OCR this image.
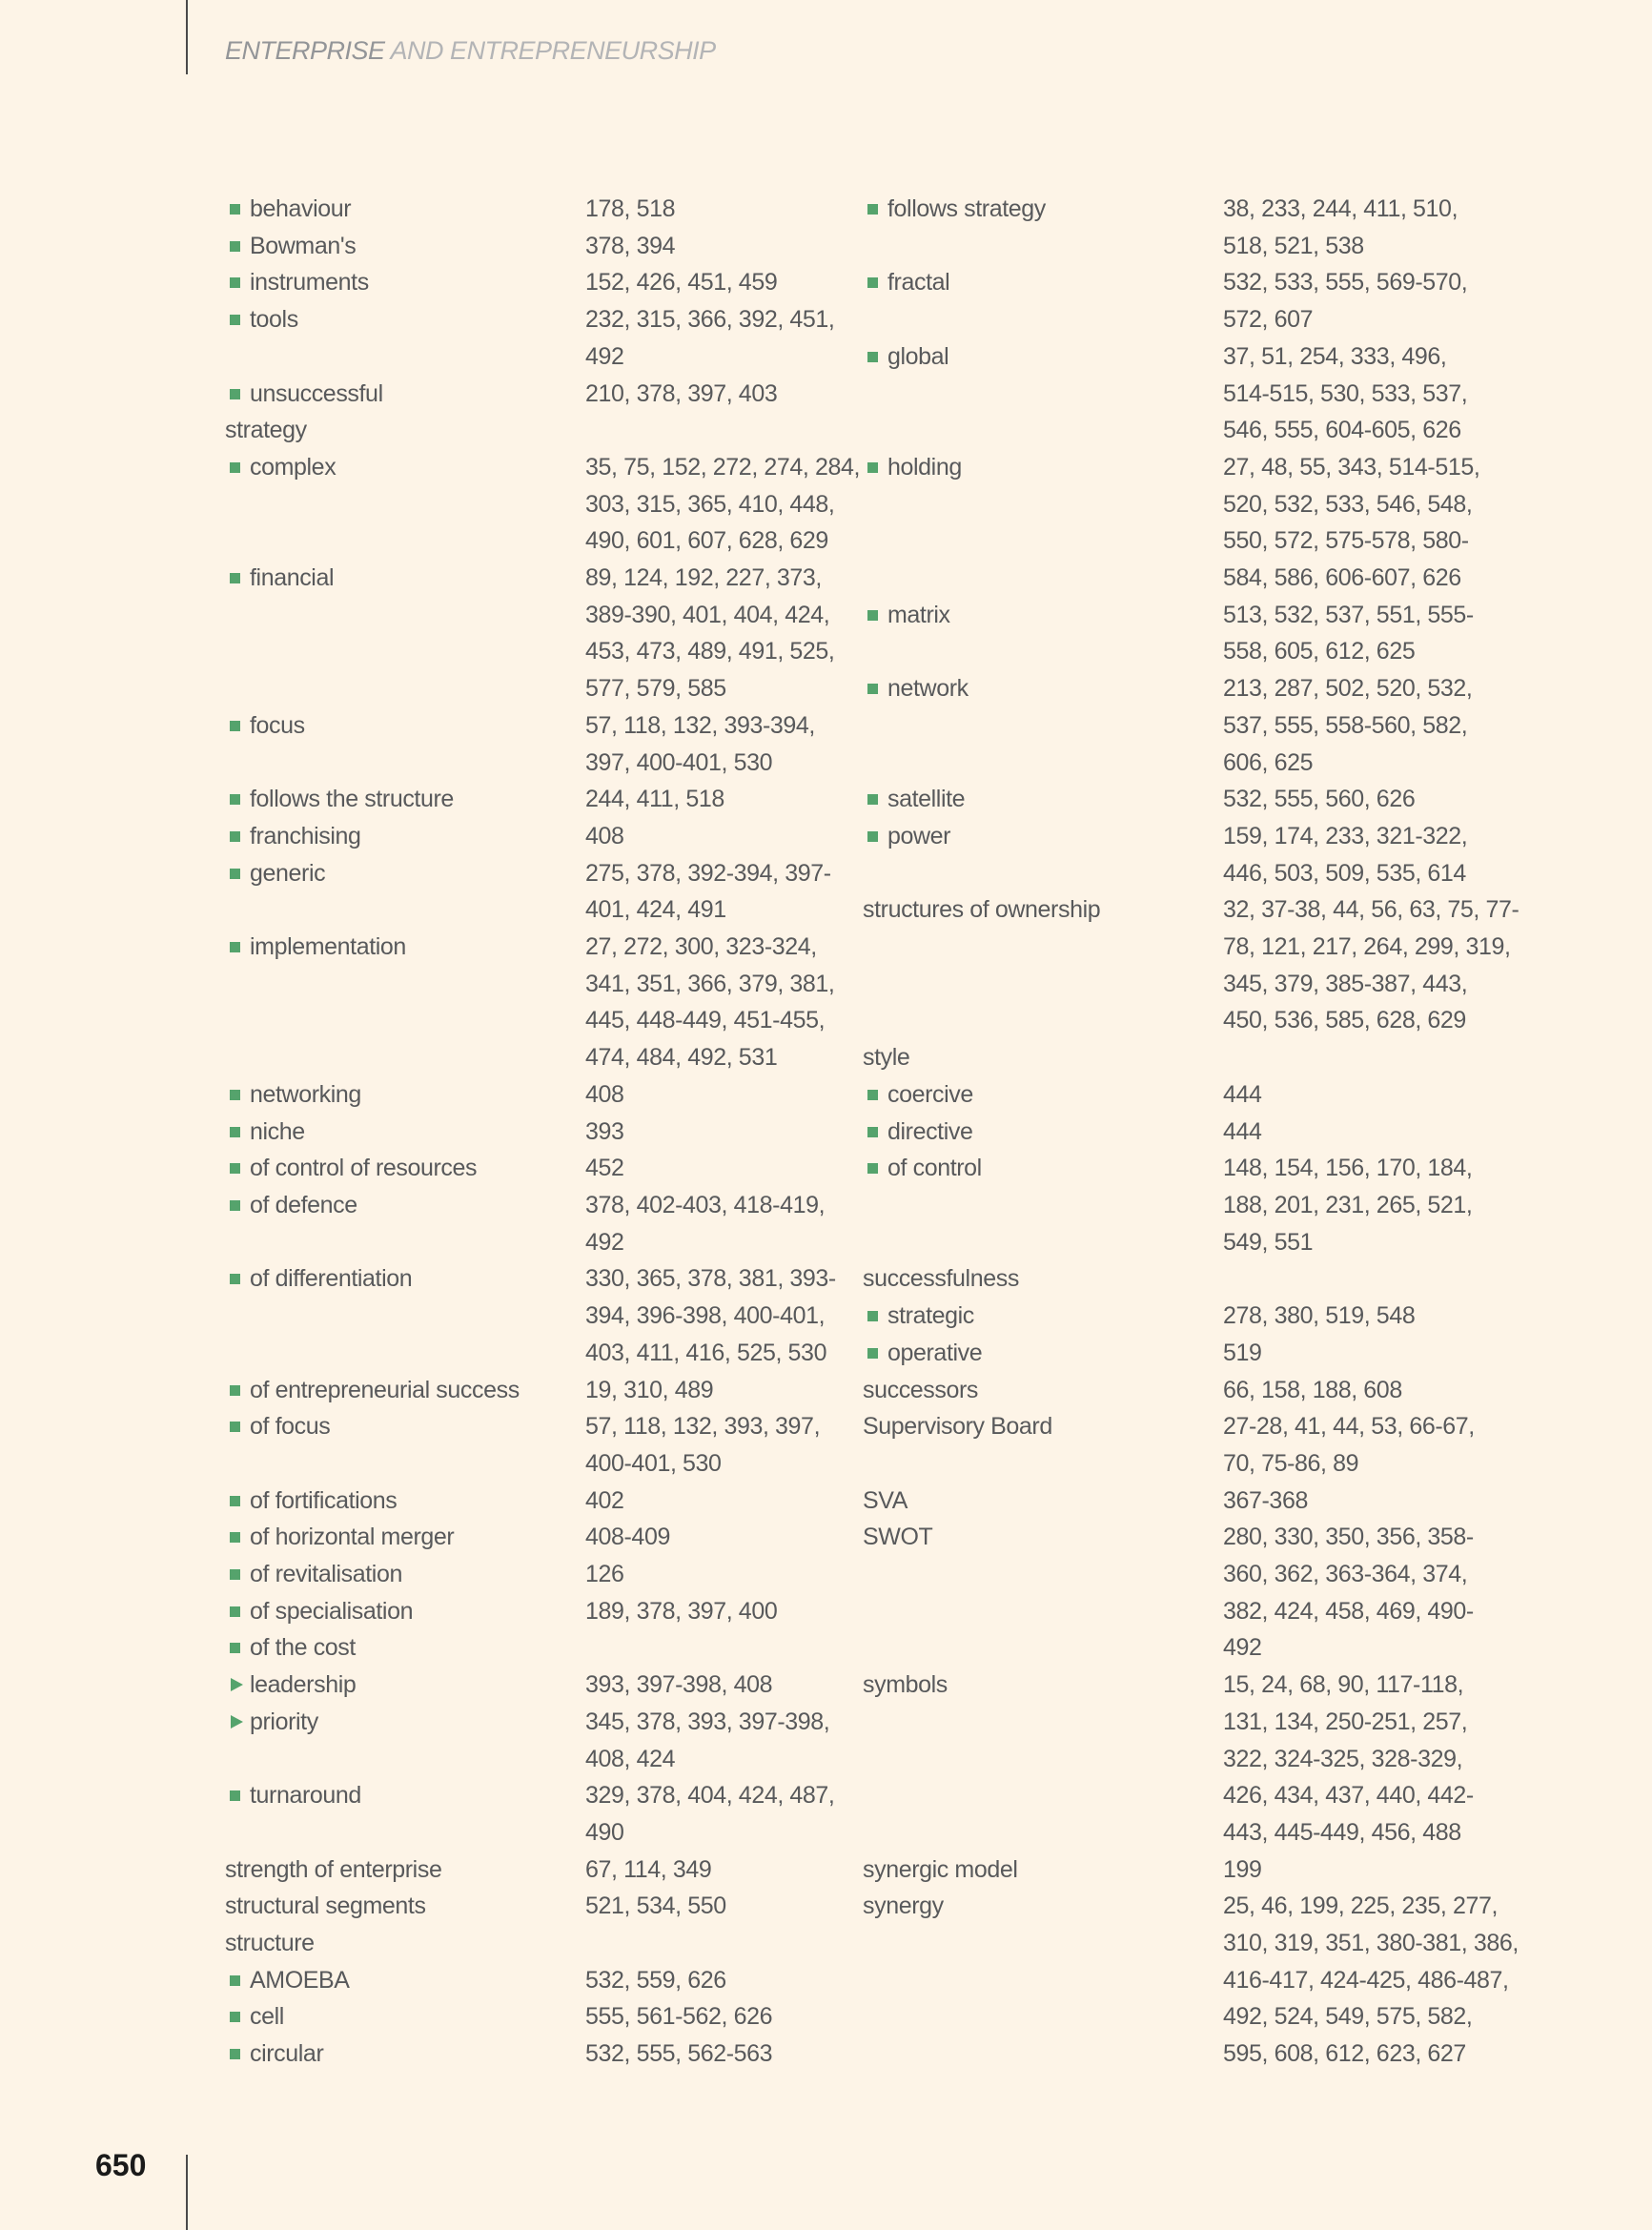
ENTERPRISE AND ENTREPRENEURSHIP
behaviour	178, 518
Bowman's	378, 394
instruments	152, 426, 451, 459
tools	232, 315, 366, 392, 451,
492
unsuccessful	210, 378, 397, 403
strategy
complex	35, 75, 152, 272, 274, 284,
303, 315, 365, 410, 448,
490, 601, 607, 628, 629
financial	89, 124, 192, 227, 373,
389-390, 401, 404, 424,
453, 473, 489, 491, 525,
577, 579, 585
focus	57, 118, 132, 393-394,
397, 400-401, 530
follows the structure	244, 411, 518
franchising	408
generic	275, 378, 392-394, 397-
401, 424, 491
implementation	27, 272, 300, 323-324,
341, 351, 366, 379, 381,
445, 448-449, 451-455,
474, 484, 492, 531
networking	408
niche	393
of control of resources	452
of defence	378, 402-403, 418-419,
492
of differentiation	330, 365, 378, 381, 393-
394, 396-398, 400-401,
403, 411, 416, 525, 530
of entrepreneurial success	19, 310, 489
of focus	57, 118, 132, 393, 397,
400-401, 530
of fortifications	402
of horizontal merger	408-409
of revitalisation	126
of specialisation	189, 378, 397, 400
of the cost
leadership	393, 397-398, 408
priority	345, 378, 393, 397-398,
408, 424
turnaround	329, 378, 404, 424, 487,
490
strength of enterprise	67, 114, 349
structural segments	521, 534, 550
structure
AMOEBA	532, 559, 626
cell	555, 561-562, 626
circular	532, 555, 562-563
follows strategy	38, 233, 244, 411, 510,
518, 521, 538
fractal	532, 533, 555, 569-570,
572, 607
global	37, 51, 254, 333, 496,
514-515, 530, 533, 537,
546, 555, 604-605, 626
holding	27, 48, 55, 343, 514-515,
520, 532, 533, 546, 548,
550, 572, 575-578, 580-
584, 586, 606-607, 626
matrix	513, 532, 537, 551, 555-
558, 605, 612, 625
network	213, 287, 502, 520, 532,
537, 555, 558-560, 582,
606, 625
satellite	532, 555, 560, 626
power	159, 174, 233, 321-322,
446, 503, 509, 535, 614
structures of ownership	32, 37-38, 44, 56, 63, 75, 77-
78, 121, 217, 264, 299, 319,
345, 379, 385-387, 443,
450, 536, 585, 628, 629
style
coercive	444
directive	444
of control	148, 154, 156, 170, 184,
188, 201, 231, 265, 521,
549, 551
successfulness
strategic	278, 380, 519, 548
operative	519
successors	66, 158, 188, 608
Supervisory Board	27-28, 41, 44, 53, 66-67,
70, 75-86, 89
SVA	367-368
SWOT	280, 330, 350, 356, 358-
360, 362, 363-364, 374,
382, 424, 458, 469, 490-
492
symbols	15, 24, 68, 90, 117-118,
131, 134, 250-251, 257,
322, 324-325, 328-329,
426, 434, 437, 440, 442-
443, 445-449, 456, 488
synergic model	199
synergy	25, 46, 199, 225, 235, 277,
310, 319, 351, 380-381, 386,
416-417, 424-425, 486-487,
492, 524, 549, 575, 582,
595, 608, 612, 623, 627
650
